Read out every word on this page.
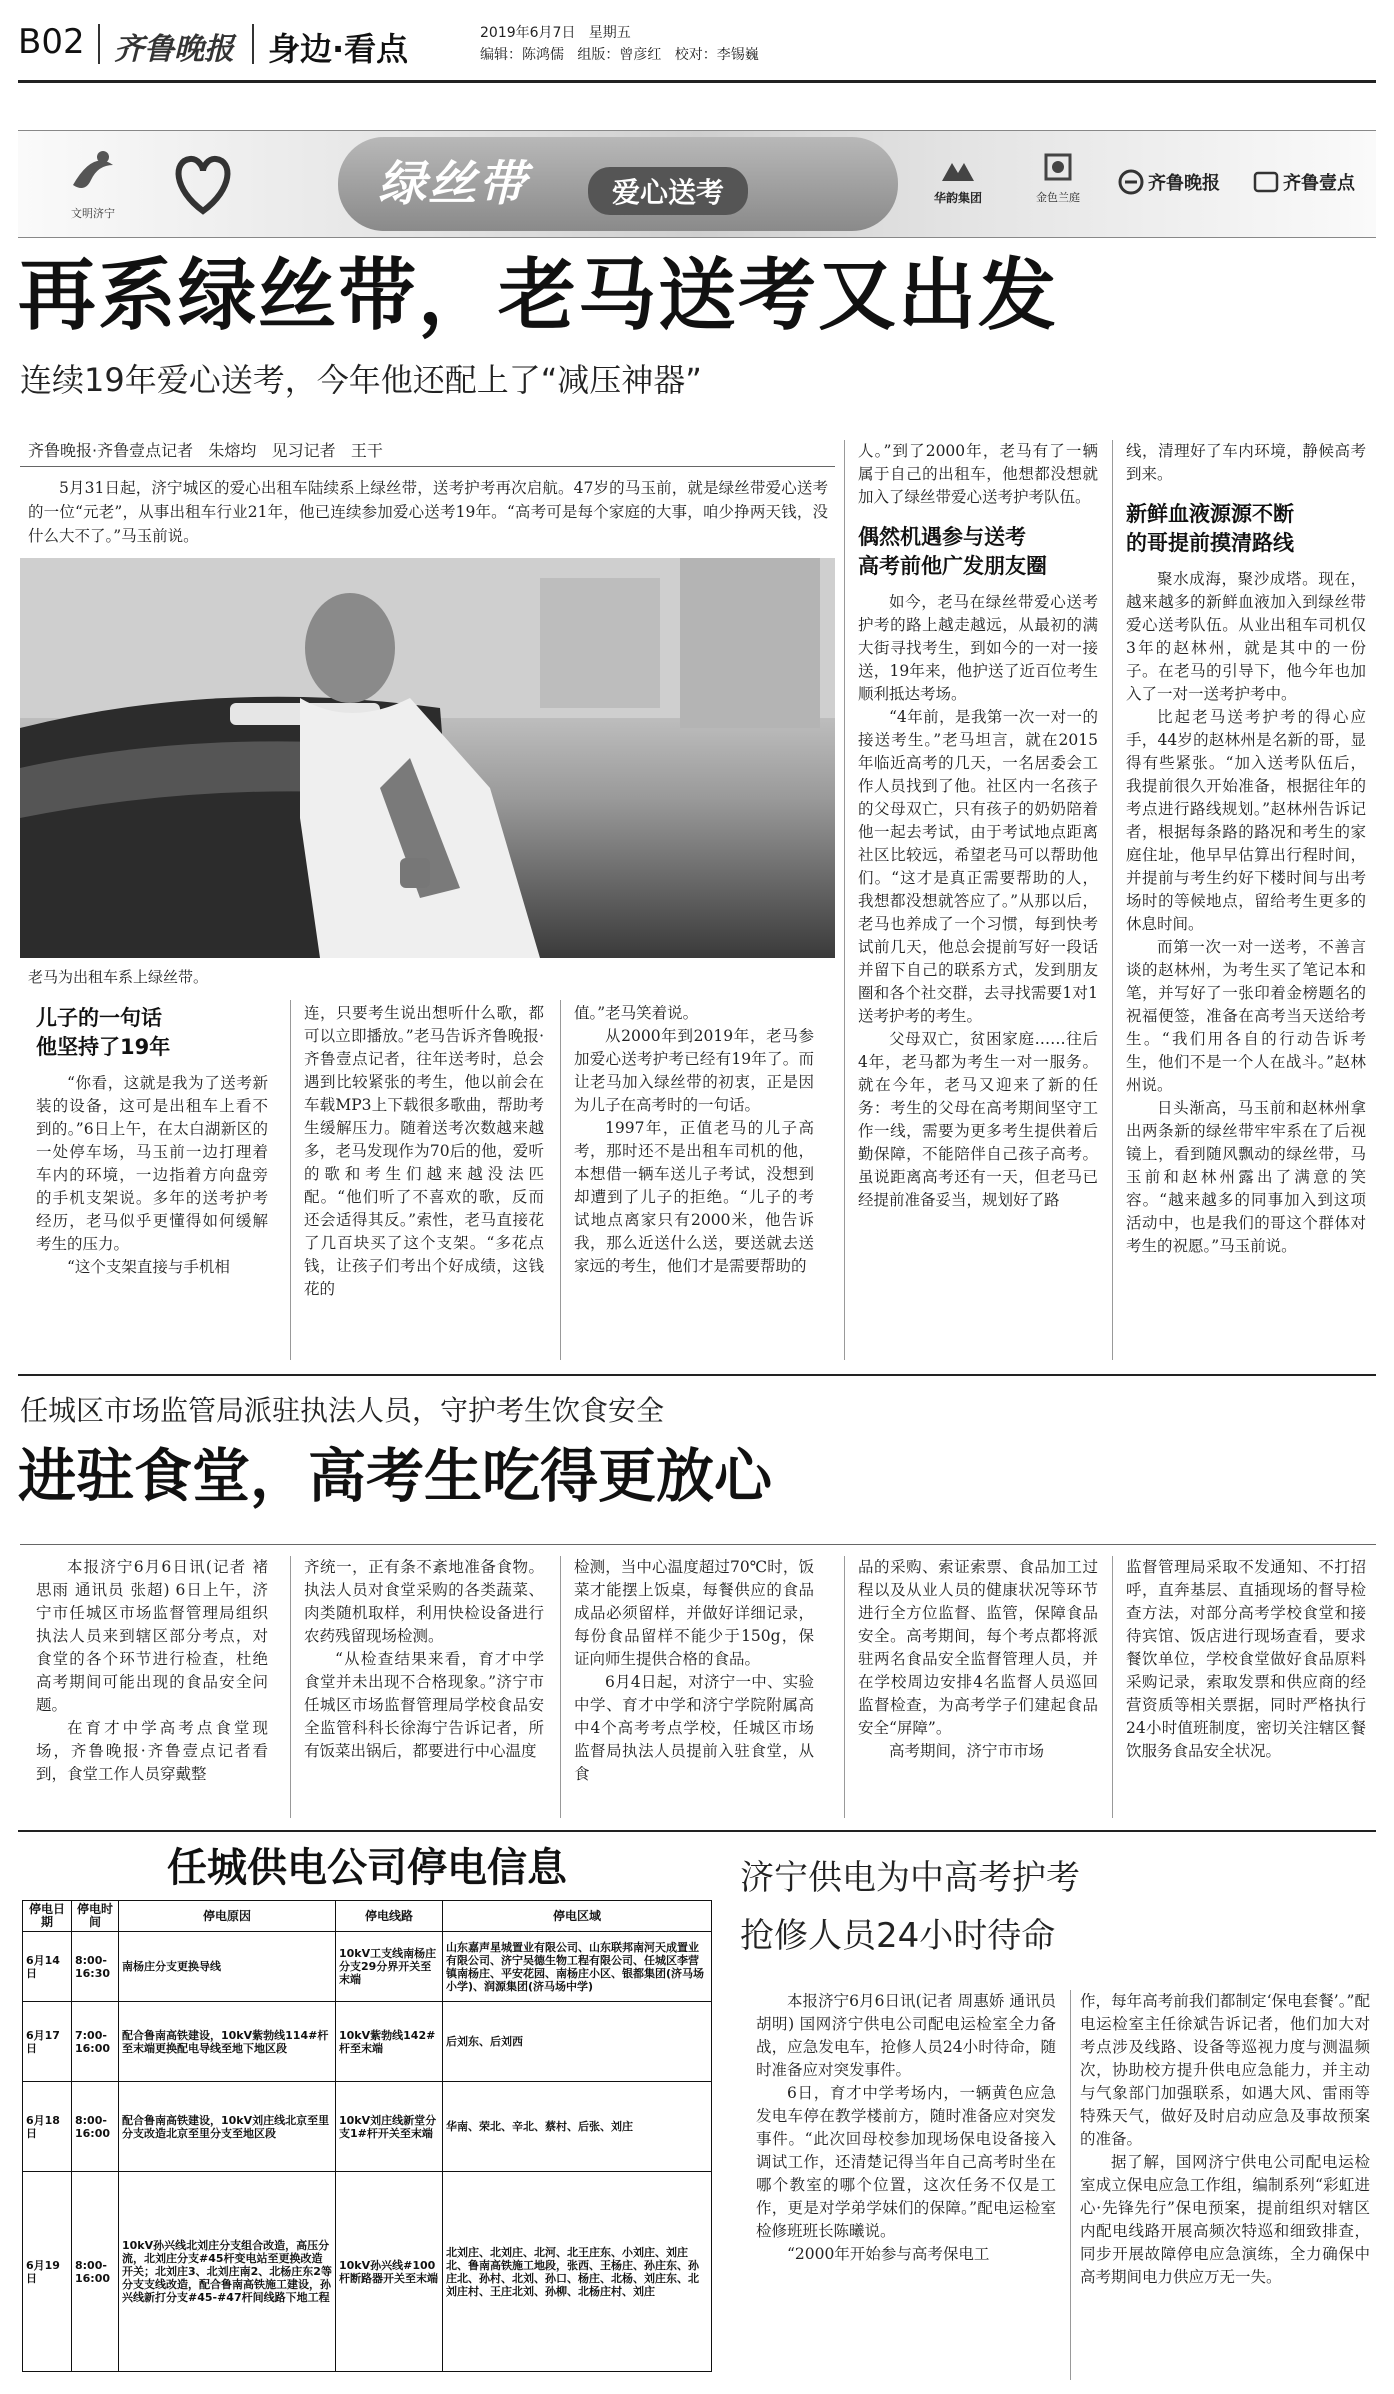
B02 齐鲁晚报 身边·看点	2019年6月7日   星期五
编辑：陈鸿儒   组版：曾彦红   校对：李锡巍
文明济宁
绿丝带	爱心送考	华韵集团	金色兰庭
齐鲁晚报	齐鲁壹点
再系绿丝带，老马送考又出发
连续19年爱心送考，今年他还配上了“减压神器”
齐鲁晚报·齐鲁壹点记者   朱熔均   见习记者   王干
5月31日起，济宁城区的爱心出租车陆续系上绿丝带，送考护考再次启航。47岁的马玉前，就是绿丝带爱心送考的一位“元老”，从事出租车行业21年，他已连续参加爱心送考19年。“高考可是每个家庭的大事，咱少挣两天钱，没什么大不了。”马玉前说。
老马为出租车系上绿丝带。
儿子的一句话
他坚持了19年

“你看，这就是我为了送考新装的设备，这可是出租车上看不到的。”6日上午，在太白湖新区的一处停车场，马玉前一边打理着车内的环境，一边指着方向盘旁的手机支架说。多年的送考护考经历，老马似乎更懂得如何缓解考生的压力。

“这个支架直接与手机相

连，只要考生说出想听什么歌，都可以立即播放。”老马告诉齐鲁晚报·齐鲁壹点记者，往年送考时，总会遇到比较紧张的考生，他以前会在车载MP3上下载很多歌曲，帮助考生缓解压力。随着送考次数越来越多，老马发现作为70后的他，爱听的歌和考生们越来越没法匹配。“他们听了不喜欢的歌，反而还会适得其反。”索性，老马直接花了几百块买了这个支架。“多花点钱，让孩子们考出个好成绩，这钱花的

值。”老马笑着说。

从2000年到2019年，老马参加爱心送考护考已经有19年了。而让老马加入绿丝带的初衷，正是因为儿子在高考时的一句话。

1997年，正值老马的儿子高考，那时还不是出租车司机的他，本想借一辆车送儿子考试，没想到却遭到了儿子的拒绝。“儿子的考试地点离家只有2000米，他告诉我，那么近送什么送，要送就去送家远的考生，他们才是需要帮助的

人。”到了2000年，老马有了一辆属于自己的出租车，他想都没想就加入了绿丝带爱心送考护考队伍。

偶然机遇参与送考
高考前他广发朋友圈

如今，老马在绿丝带爱心送考护考的路上越走越远，从最初的满大街寻找考生，到如今的一对一接送，19年来，他护送了近百位考生顺利抵达考场。

“4年前，是我第一次一对一的接送考生。”老马坦言，就在2015年临近高考的几天，一名居委会工作人员找到了他。社区内一名孩子的父母双亡，只有孩子的奶奶陪着他一起去考试，由于考试地点距离社区比较远，希望老马可以帮助他们。“这才是真正需要帮助的人，我想都没想就答应了。”从那以后，老马也养成了一个习惯，每到快考试前几天，他总会提前写好一段话并留下自己的联系方式，发到朋友圈和各个社交群，去寻找需要1对1送考护考的考生。

父母双亡，贫困家庭……往后4年，老马都为考生一对一服务。就在今年，老马又迎来了新的任务：考生的父母在高考期间坚守工作一线，需要为更多考生提供着后勤保障，不能陪伴自己孩子高考。虽说距离高考还有一天，但老马已经提前准备妥当，规划好了路

线，清理好了车内环境，静候高考到来。

新鲜血液源源不断
的哥提前摸清路线

聚水成海，聚沙成塔。现在，越来越多的新鲜血液加入到绿丝带爱心送考队伍。从业出租车司机仅3年的赵林州，就是其中的一份子。在老马的引导下，他今年也加入了一对一送考护考中。

比起老马送考护考的得心应手，44岁的赵林州是名新的哥，显得有些紧张。“加入送考队伍后，我提前很久开始准备，根据往年的考点进行路线规划。”赵林州告诉记者，根据每条路的路况和考生的家庭住址，他早早估算出行程时间，并提前与考生约好下楼时间与出考场时的等候地点，留给考生更多的休息时间。

而第一次一对一送考，不善言谈的赵林州，为考生买了笔记本和笔，并写好了一张印着金榜题名的祝福便签，准备在高考当天送给考生。“我们用各自的行动告诉考生，他们不是一个人在战斗。”赵林州说。

日头渐高，马玉前和赵林州拿出两条新的绿丝带牢牢系在了后视镜上，看到随风飘动的绿丝带，马玉前和赵林州露出了满意的笑容。“越来越多的同事加入到这项活动中，也是我们的哥这个群体对考生的祝愿。”马玉前说。

任城区市场监管局派驻执法人员，守护考生饮食安全
进驻食堂，高考生吃得更放心

本报济宁6月6日讯(记者 褚思雨 通讯员 张超) 6日上午，济宁市任城区市场监督管理局组织执法人员来到辖区部分考点，对食堂的各个环节进行检查，杜绝高考期间可能出现的食品安全问题。

在育才中学高考点食堂现场，齐鲁晚报·齐鲁壹点记者看到，食堂工作人员穿戴整

齐统一，正有条不紊地准备食物。执法人员对食堂采购的各类蔬菜、肉类随机取样，利用快检设备进行农药残留现场检测。

“从检查结果来看，育才中学食堂并未出现不合格现象。”济宁市任城区市场监督管理局学校食品安全监管科科长徐海宁告诉记者，所有饭菜出锅后，都要进行中心温度

检测，当中心温度超过70℃时，饭菜才能摆上饭桌，每餐供应的食品成品必须留样，并做好详细记录，每份食品留样不能少于150g，保证向师生提供合格的食品。

6月4日起，对济宁一中、实验中学、育才中学和济宁学院附属高中4个高考考点学校，任城区市场监督局执法人员提前入驻食堂，从食

品的采购、索证索票、食品加工过程以及从业人员的健康状况等环节进行全方位监督、监管，保障食品安全。高考期间，每个考点都将派驻两名食品安全监督管理人员，并在学校周边安排4名监督人员巡回监督检查，为高考学子们建起食品安全“屏障”。

高考期间，济宁市市场

监督管理局采取不发通知、不打招呼，直奔基层、直插现场的督导检查方法，对部分高考学校食堂和接待宾馆、饭店进行现场查看，要求餐饮单位，学校食堂做好食品原料采购记录，索取发票和供应商的经营资质等相关票据，同时严格执行24小时值班制度，密切关注辖区餐饮服务食品安全状况。

任城供电公司停电信息
停电日期	停电时间	停电原因	停电线路	停电区域
6月14日	8:00-16:30	南杨庄分支更换导线	10kV工支线南杨庄分支29分界开关至末端	山东嘉声星城置业有限公司、山东联邦南河天成置业有限公司、济宁吴德生物工程有限公司、任城区李营镇南杨庄、平安花园、南杨庄小区、银都集团(济马场小学)、润源集团(济马场中学)
6月17日	7:00-16:00	配合鲁南高铁建设，10kV紫勃线114#杆至末端更换配电导线至地下地区段	10kV紫勃线142#杆至末端	后刘东、后刘西
6月18日	8:00-16:00	配合鲁南高铁建设，10kV刘庄线北京至里分支改造北京至里分支至地区段	10kV刘庄线新堂分支1#杆开关至末端	华南、荣北、辛北、蔡村、后张、刘庄
6月19日	8:00-16:00	10kV孙兴线北刘庄分支组合改造，高压分流，北刘庄分支#45杆变电站至更换改造开关；北刘庄3、北刘庄南2、北杨庄东2等分支支线改造，配合鲁南高铁施工建设，孙兴线新打分支#45-#47杆间线路下地工程	10kV孙兴线#100杆断路器开关至末端	北刘庄、北刘庄、北河、北王庄东、小刘庄、刘庄北、鲁南高铁施工地段，张西、王杨庄、孙庄东、孙庄北、孙村、北刘、孙口、杨庄、北杨、刘庄东、北刘庄村、王庄北刘、孙柳、北杨庄村、刘庄
济宁供电为中高考护考
抢修人员24小时待命

本报济宁6月6日讯(记者 周惠娇 通讯员 胡明) 国网济宁供电公司配电运检室全力备战，应急发电车，抢修人员24小时待命，随时准备应对突发事件。

6日，育才中学考场内，一辆黄色应急发电车停在教学楼前方，随时准备应对突发事件。“此次回母校参加现场保电设备接入调试工作，还清楚记得当年自己高考时坐在哪个教室的哪个位置，这次任务不仅是工作，更是对学弟学妹们的保障。”配电运检室检修班班长陈曦说。

“2000年开始参与高考保电工

作，每年高考前我们都制定‘保电套餐’。”配电运检室主任徐斌告诉记者，他们加大对考点涉及线路、设备等巡视力度与测温频次，协助校方提升供电应急能力，并主动与气象部门加强联系，如遇大风、雷雨等特殊天气，做好及时启动应急及事故预案的准备。

据了解，国网济宁供电公司配电运检室成立保电应急工作组，编制系列“彩虹进心·先锋先行”保电预案，提前组织对辖区内配电线路开展高频次特巡和细致排查，同步开展故障停电应急演练，全力确保中高考期间电力供应万无一失。
